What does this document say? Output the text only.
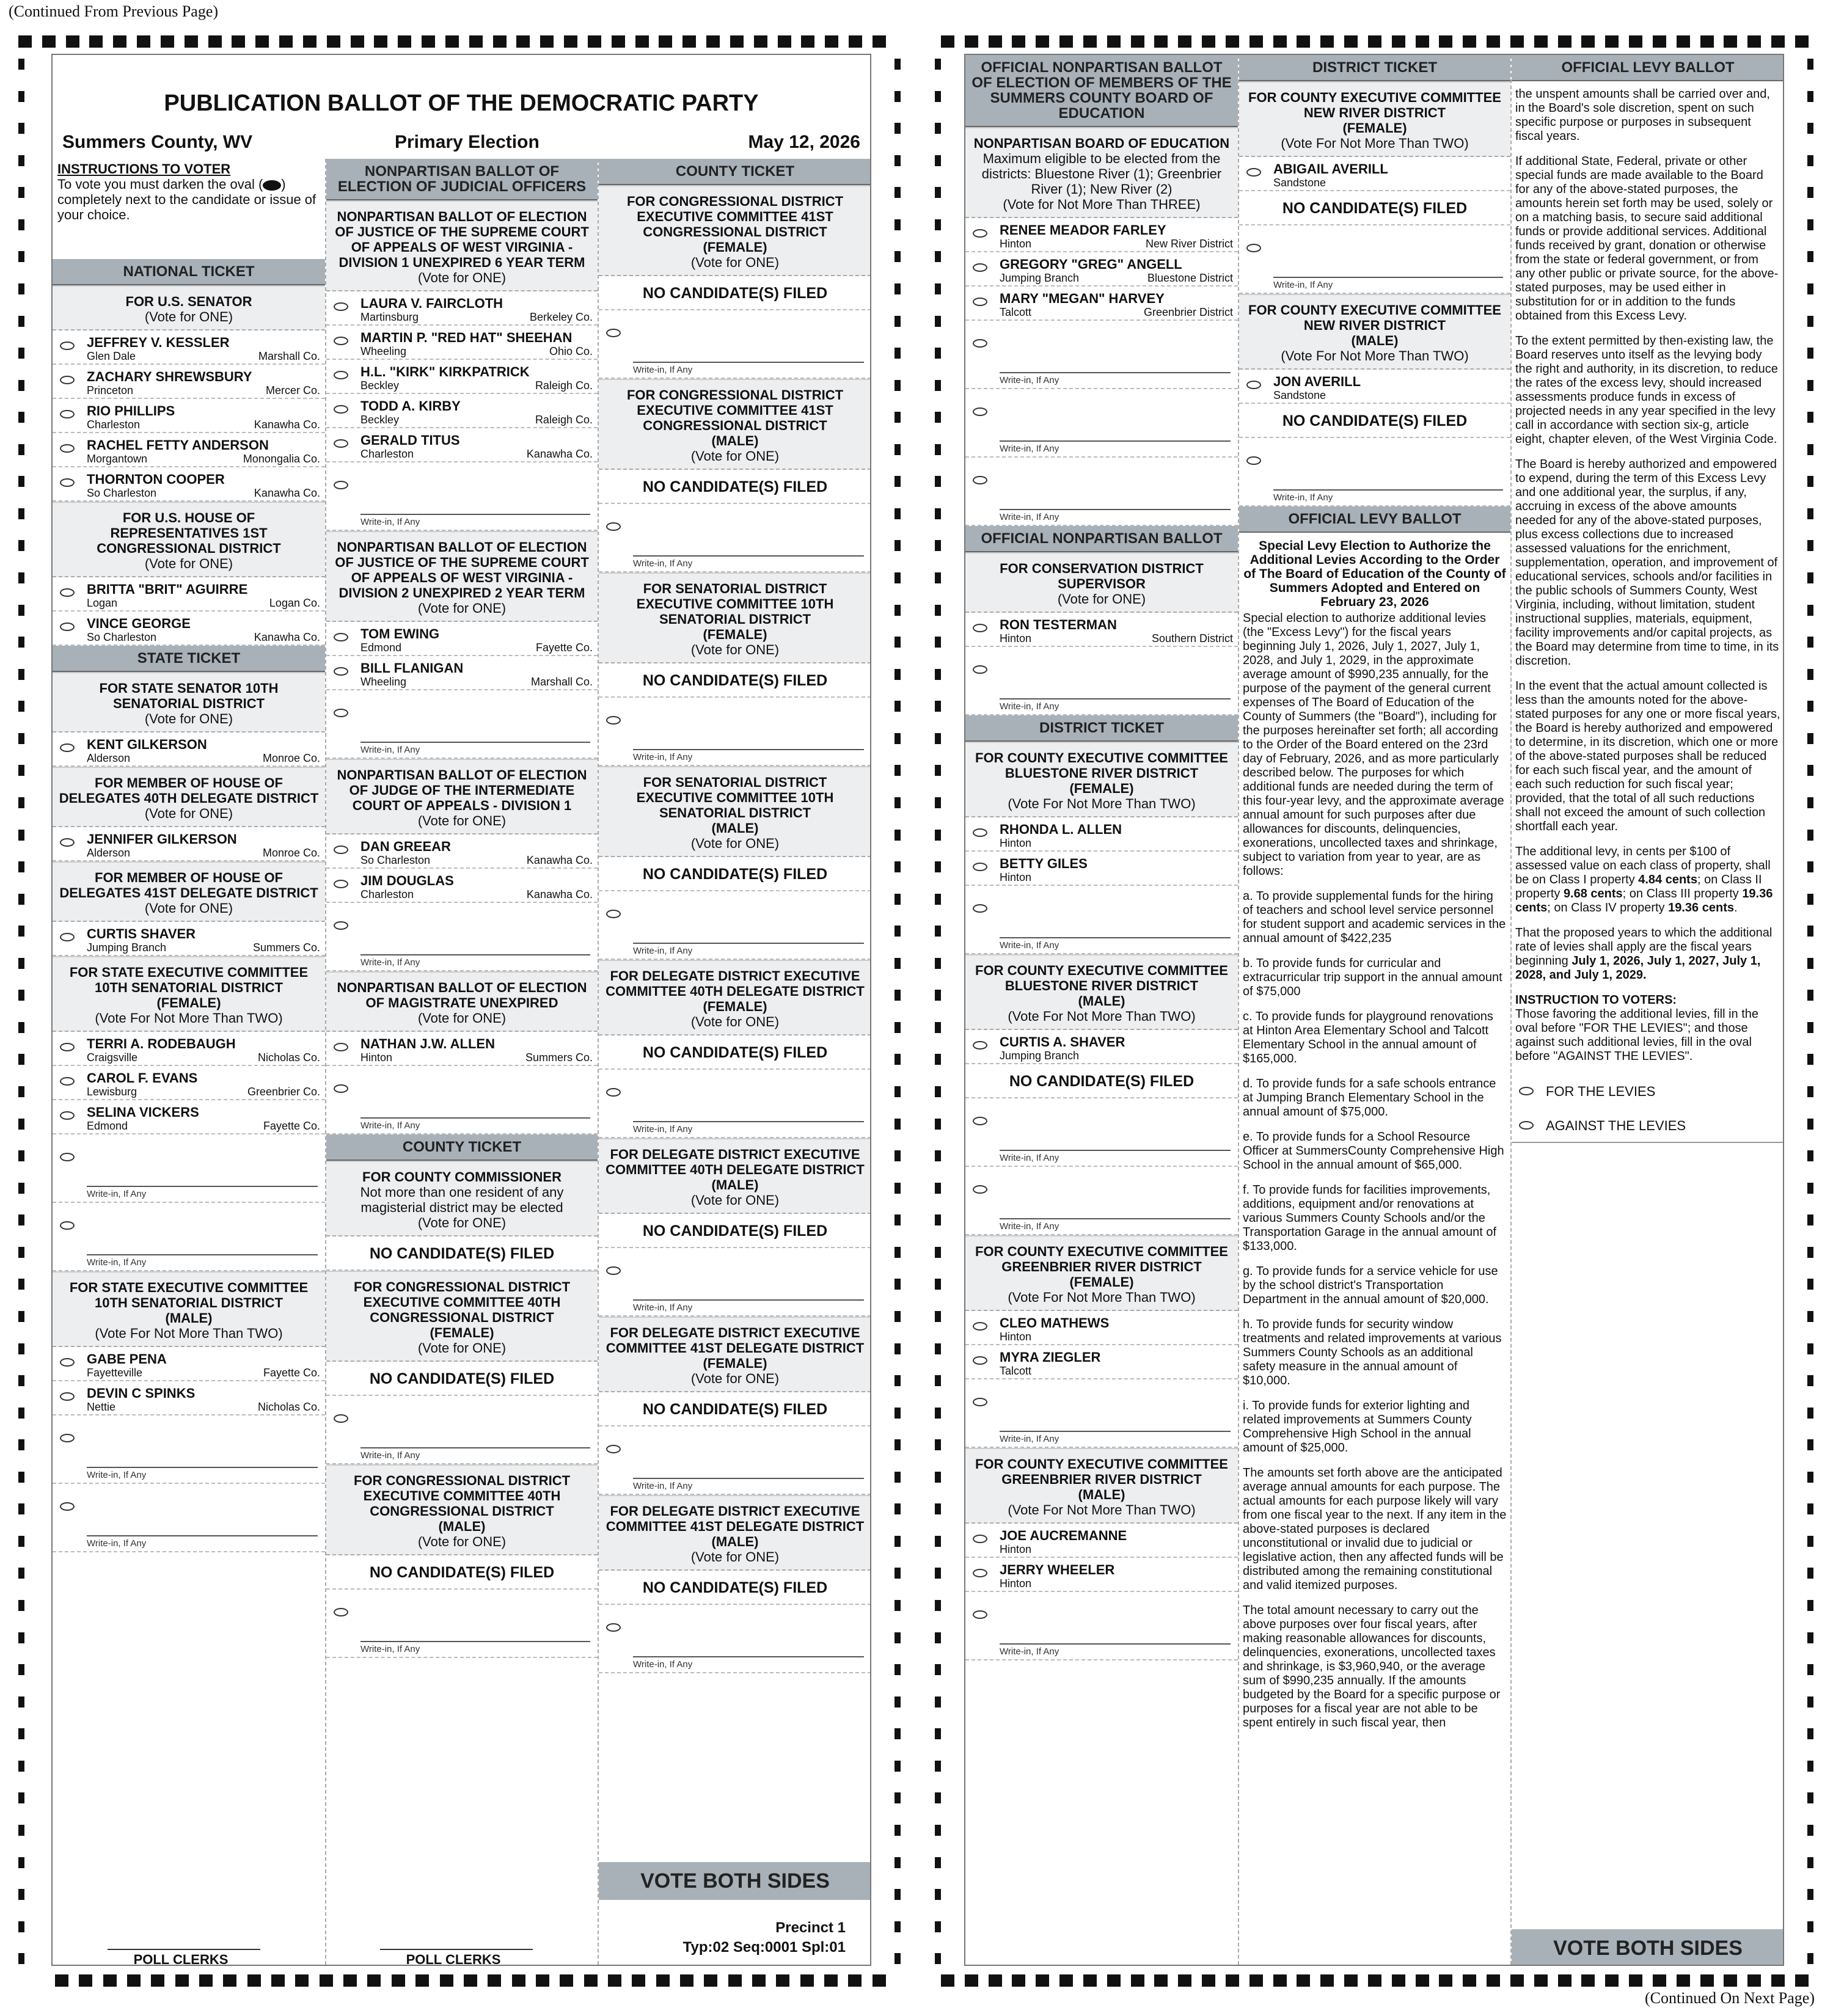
(Continued From Previous Page)
(Continued On Next Page)
PUBLICATION BALLOT OF THE DEMOCRATIC PARTY
Summers County, WV	Primary Election	May 12, 2026
INSTRUCTIONS TO VOTER
To vote you must darken the oval ( ) completely next to the candidate or issue of your choice.
NATIONAL TICKET
FOR U.S. SENATOR
(Vote for ONE)
JEFFREY V. KESSLER
Glen Dale	Marshall Co.
ZACHARY SHREWSBURY
Princeton	Mercer Co.
RIO PHILLIPS
Charleston	Kanawha Co.
RACHEL FETTY ANDERSON
Morgantown	Monongalia Co.
THORNTON COOPER
So Charleston	Kanawha Co.
FOR U.S. HOUSE OF REPRESENTATIVES 1ST CONGRESSIONAL DISTRICT
(Vote for ONE)
BRITTA "BRIT" AGUIRRE
Logan	Logan Co.
VINCE GEORGE
So Charleston	Kanawha Co.
STATE TICKET
FOR STATE SENATOR 10TH SENATORIAL DISTRICT
(Vote for ONE)
KENT GILKERSON
Alderson	Monroe Co.
FOR MEMBER OF HOUSE OF DELEGATES 40TH DELEGATE DISTRICT
(Vote for ONE)
JENNIFER GILKERSON
Alderson	Monroe Co.
FOR MEMBER OF HOUSE OF DELEGATES 41ST DELEGATE DISTRICT
(Vote for ONE)
CURTIS SHAVER
Jumping Branch	Summers Co.
FOR STATE EXECUTIVE COMMITTEE 10TH SENATORIAL DISTRICT
(FEMALE)
(Vote For Not More Than TWO)
TERRI A. RODEBAUGH
Craigsville	Nicholas Co.
CAROL F. EVANS
Lewisburg	Greenbrier Co.
SELINA VICKERS
Edmond	Fayette Co.
Write-in, If Any
Write-in, If Any
FOR STATE EXECUTIVE COMMITTEE 10TH SENATORIAL DISTRICT
(MALE)
(Vote For Not More Than TWO)
GABE PENA
Fayetteville	Fayette Co.
DEVIN C SPINKS
Nettie	Nicholas Co.
Write-in, If Any
Write-in, If Any
NONPARTISAN BALLOT OF ELECTION OF JUDICIAL OFFICERS
NONPARTISAN BALLOT OF ELECTION OF JUSTICE OF THE SUPREME COURT OF APPEALS OF WEST VIRGINIA - DIVISION 1 UNEXPIRED 6 YEAR TERM
(Vote for ONE)
LAURA V. FAIRCLOTH
Martinsburg	Berkeley Co.
MARTIN P. "RED HAT" SHEEHAN
Wheeling	Ohio Co.
H.L. "KIRK" KIRKPATRICK
Beckley	Raleigh Co.
TODD A. KIRBY
Beckley	Raleigh Co.
GERALD TITUS
Charleston	Kanawha Co.
Write-in, If Any
NONPARTISAN BALLOT OF ELECTION OF JUSTICE OF THE SUPREME COURT OF APPEALS OF WEST VIRGINIA - DIVISION 2 UNEXPIRED 2 YEAR TERM
(Vote for ONE)
TOM EWING
Edmond	Fayette Co.
BILL FLANIGAN
Wheeling	Marshall Co.
Write-in, If Any
NONPARTISAN BALLOT OF ELECTION OF JUDGE OF THE INTERMEDIATE COURT OF APPEALS - DIVISION 1
(Vote for ONE)
DAN GREEAR
So Charleston	Kanawha Co.
JIM DOUGLAS
Charleston	Kanawha Co.
Write-in, If Any
NONPARTISAN BALLOT OF ELECTION OF MAGISTRATE UNEXPIRED
(Vote for ONE)
NATHAN J.W. ALLEN
Hinton	Summers Co.
Write-in, If Any
COUNTY TICKET
FOR COUNTY COMMISSIONER
Not more than one resident of any magisterial district may be elected
(Vote for ONE)
NO CANDIDATE(S) FILED
FOR CONGRESSIONAL DISTRICT EXECUTIVE COMMITTEE 40TH CONGRESSIONAL DISTRICT
(FEMALE)
(Vote for ONE)
NO CANDIDATE(S) FILED
Write-in, If Any
FOR CONGRESSIONAL DISTRICT EXECUTIVE COMMITTEE 40TH CONGRESSIONAL DISTRICT
(MALE)
(Vote for ONE)
NO CANDIDATE(S) FILED
Write-in, If Any
COUNTY TICKET
FOR CONGRESSIONAL DISTRICT EXECUTIVE COMMITTEE 41ST CONGRESSIONAL DISTRICT
(FEMALE)
(Vote for ONE)
NO CANDIDATE(S) FILED
Write-in, If Any
FOR CONGRESSIONAL DISTRICT EXECUTIVE COMMITTEE 41ST CONGRESSIONAL DISTRICT
(MALE)
(Vote for ONE)
NO CANDIDATE(S) FILED
Write-in, If Any
FOR SENATORIAL DISTRICT EXECUTIVE COMMITTEE 10TH SENATORIAL DISTRICT
(FEMALE)
(Vote for ONE)
NO CANDIDATE(S) FILED
Write-in, If Any
FOR SENATORIAL DISTRICT EXECUTIVE COMMITTEE 10TH SENATORIAL DISTRICT
(MALE)
(Vote for ONE)
NO CANDIDATE(S) FILED
Write-in, If Any
FOR DELEGATE DISTRICT EXECUTIVE COMMITTEE 40TH DELEGATE DISTRICT
(FEMALE)
(Vote for ONE)
NO CANDIDATE(S) FILED
Write-in, If Any
FOR DELEGATE DISTRICT EXECUTIVE COMMITTEE 40TH DELEGATE DISTRICT
(MALE)
(Vote for ONE)
NO CANDIDATE(S) FILED
Write-in, If Any
FOR DELEGATE DISTRICT EXECUTIVE COMMITTEE 41ST DELEGATE DISTRICT
(FEMALE)
(Vote for ONE)
NO CANDIDATE(S) FILED
Write-in, If Any
FOR DELEGATE DISTRICT EXECUTIVE COMMITTEE 41ST DELEGATE DISTRICT
(MALE)
(Vote for ONE)
NO CANDIDATE(S) FILED
Write-in, If Any
VOTE BOTH SIDES
POLL CLERKS	POLL CLERKS
Precinct 1
Typ:02 Seq:0001 Spl:01
OFFICIAL NONPARTISAN BALLOT OF ELECTION OF MEMBERS OF THE SUMMERS COUNTY BOARD OF EDUCATION
NONPARTISAN BOARD OF EDUCATION
Maximum eligible to be elected from the districts: Bluestone River (1); Greenbrier River (1); New River (2)
(Vote for Not More Than THREE)
RENEE MEADOR FARLEY
Hinton	New River District
GREGORY "GREG" ANGELL
Jumping Branch	Bluestone District
MARY "MEGAN" HARVEY
Talcott	Greenbrier District
Write-in, If Any
Write-in, If Any
Write-in, If Any
OFFICIAL NONPARTISAN BALLOT
FOR CONSERVATION DISTRICT SUPERVISOR
(Vote for ONE)
RON TESTERMAN
Hinton	Southern District
Write-in, If Any
DISTRICT TICKET
FOR COUNTY EXECUTIVE COMMITTEE BLUESTONE RIVER DISTRICT
(FEMALE)
(Vote For Not More Than TWO)
RHONDA L. ALLEN
Hinton
BETTY GILES
Hinton
Write-in, If Any
FOR COUNTY EXECUTIVE COMMITTEE BLUESTONE RIVER DISTRICT
(MALE)
(Vote For Not More Than TWO)
CURTIS A. SHAVER
Jumping Branch
NO CANDIDATE(S) FILED
Write-in, If Any
Write-in, If Any
FOR COUNTY EXECUTIVE COMMITTEE GREENBRIER RIVER DISTRICT
(FEMALE)
(Vote For Not More Than TWO)
CLEO MATHEWS
Hinton
MYRA ZIEGLER
Talcott
Write-in, If Any
FOR COUNTY EXECUTIVE COMMITTEE GREENBRIER RIVER DISTRICT
(MALE)
(Vote For Not More Than TWO)
JOE AUCREMANNE
Hinton
JERRY WHEELER
Hinton
Write-in, If Any
DISTRICT TICKET
FOR COUNTY EXECUTIVE COMMITTEE NEW RIVER DISTRICT
(FEMALE)
(Vote For Not More Than TWO)
ABIGAIL AVERILL
Sandstone
NO CANDIDATE(S) FILED
Write-in, If Any
FOR COUNTY EXECUTIVE COMMITTEE NEW RIVER DISTRICT
(MALE)
(Vote For Not More Than TWO)
JON AVERILL
Sandstone
NO CANDIDATE(S) FILED
Write-in, If Any
OFFICIAL LEVY BALLOT
Special Levy Election to Authorize the Additional Levies According to the Order of The Board of Education of the County of Summers Adopted and Entered on February 23, 2026

Special election to authorize additional levies (the "Excess Levy") for the fiscal years beginning July 1, 2026, July 1, 2027, July 1, 2028, and July 1, 2029, in the approximate average amount of $990,235 annually, for the purpose of the payment of the general current expenses of The Board of Education of the County of Summers (the "Board"), including for the purposes hereinafter set forth; all according to the Order of the Board entered on the 23rd day of February, 2026, and as more particularly described below. The purposes for which additional funds are needed during the term of this four-year levy, and the approximate average annual amount for such purposes after due allowances for discounts, delinquencies, exonerations, uncollected taxes and shrinkage, subject to variation from year to year, are as follows:

a. To provide supplemental funds for the hiring of teachers and school level service personnel for student support and academic services in the annual amount of $422,235

b. To provide funds for curricular and extracurricular trip support in the annual amount of $75,000

c. To provide funds for playground renovations at Hinton Area Elementary School and Talcott Elementary School in the annual amount of $165,000.

d. To provide funds for a safe schools entrance at Jumping Branch Elementary School in the annual amount of $75,000.

e. To provide funds for a School Resource Officer at SummersCounty Comprehensive High School in the annual amount of $65,000.

f. To provide funds for facilities improvements, additions, equipment and/or renovations at various Summers County Schools and/or the Transportation Garage in the annual amount of $133,000.

g. To provide funds for a service vehicle for use by the school district's Transportation Department in the annual amount of $20,000.

h. To provide funds for security window treatments and related improvements at various Summers County Schools as an additional safety measure in the annual amount of $10,000.

i. To provide funds for exterior lighting and related improvements at Summers County Comprehensive High School in the annual amount of $25,000.

The amounts set forth above are the anticipated average annual amounts for each purpose. The actual amounts for each purpose likely will vary from one fiscal year to the next. If any item in the above-stated purposes is declared unconstitutional or invalid due to judicial or legislative action, then any affected funds will be distributed among the remaining constitutional and valid itemized purposes.

The total amount necessary to carry out the above purposes over four fiscal years, after making reasonable allowances for discounts, delinquencies, exonerations, uncollected taxes and shrinkage, is $3,960,940, or the average sum of $990,235 annually. If the amounts budgeted by the Board for a specific purpose or purposes for a fiscal year are not able to be spent entirely in such fiscal year, then

OFFICIAL LEVY BALLOT

the unspent amounts shall be carried over and, in the Board's sole discretion, spent on such specific purpose or purposes in subsequent fiscal years.

If additional State, Federal, private or other special funds are made available to the Board for any of the above-stated purposes, the amounts herein set forth may be used, solely or on a matching basis, to secure said additional funds or provide additional services. Additional funds received by grant, donation or otherwise from the state or federal government, or from any other public or private source, for the above-stated purposes, may be used either in substitution for or in addition to the funds obtained from this Excess Levy.

To the extent permitted by then-existing law, the Board reserves unto itself as the levying body the right and authority, in its discretion, to reduce the rates of the excess levy, should increased assessments produce funds in excess of projected needs in any year specified in the levy call in accordance with section six-g, article eight, chapter eleven, of the West Virginia Code.

The Board is hereby authorized and empowered to expend, during the term of this Excess Levy and one additional year, the surplus, if any, accruing in excess of the above amounts needed for any of the above-stated purposes, plus excess collections due to increased assessed valuations for the enrichment, supplementation, operation, and improvement of educational services, schools and/or facilities in the public schools of Summers County, West Virginia, including, without limitation, student instructional supplies, materials, equipment, facility improvements and/or capital projects, as the Board may determine from time to time, in its discretion.

In the event that the actual amount collected is less than the amounts noted for the above-stated purposes for any one or more fiscal years, the Board is hereby authorized and empowered to determine, in its discretion, which one or more of the above-stated purposes shall be reduced for each such fiscal year, and the amount of each such reduction for such fiscal year; provided, that the total of all such reductions shall not exceed the amount of such collection shortfall each year.

The additional levy, in cents per $100 of assessed value on each class of property, shall be on Class I property 4.84 cents; on Class II property 9.68 cents; on Class III property 19.36 cents; on Class IV property 19.36 cents.

That the proposed years to which the additional rate of levies shall apply are the fiscal years beginning July 1, 2026, July 1, 2027, July 1, 2028, and July 1, 2029.

INSTRUCTION TO VOTERS:

Those favoring the additional levies, fill in the oval before "FOR THE LEVIES"; and those against such additional levies, fill in the oval before "AGAINST THE LEVIES".

FOR THE LEVIES
AGAINST THE LEVIES
VOTE BOTH SIDES
